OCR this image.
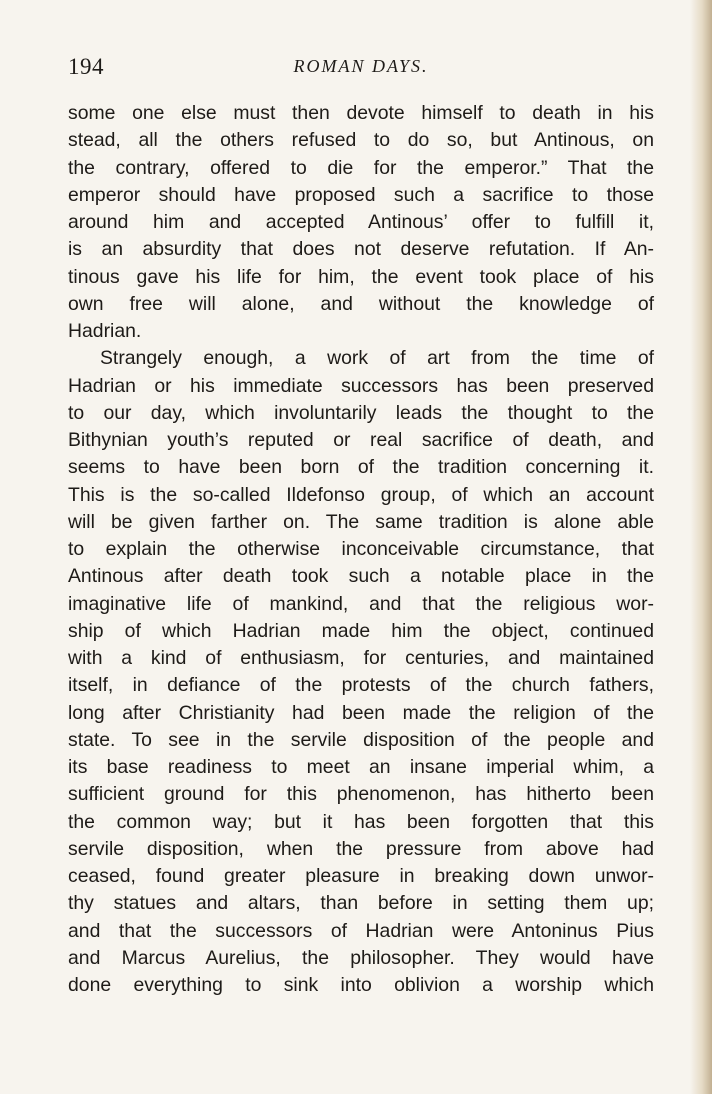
194	ROMAN DAYS.
some one else must then devote himself to death in his
stead, all the others refused to do so, but Antinous, on
the contrary, offered to die for the emperor.” That the
emperor should have proposed such a sacrifice to those
around him and accepted Antinous’ offer to fulfill it,
is an absurdity that does not deserve refutation. If An-
tinous gave his life for him, the event took place of his
own free will alone, and without the knowledge of
Hadrian.
Strangely enough, a work of art from the time of
Hadrian or his immediate successors has been preserved
to our day, which involuntarily leads the thought to the
Bithynian youth’s reputed or real sacrifice of death, and
seems to have been born of the tradition concerning it.
This is the so-called Ildefonso group, of which an account
will be given farther on. The same tradition is alone able
to explain the otherwise inconceivable circumstance, that
Antinous after death took such a notable place in the
imaginative life of mankind, and that the religious wor-
ship of which Hadrian made him the object, continued
with a kind of enthusiasm, for centuries, and maintained
itself, in defiance of the protests of the church fathers,
long after Christianity had been made the religion of the
state. To see in the servile disposition of the people and
its base readiness to meet an insane imperial whim, a
sufficient ground for this phenomenon, has hitherto been
the common way; but it has been forgotten that this
servile disposition, when the pressure from above had
ceased, found greater pleasure in breaking down unwor-
thy statues and altars, than before in setting them up;
and that the successors of Hadrian were Antoninus Pius
and Marcus Aurelius, the philosopher. They would have
done everything to sink into oblivion a worship which
